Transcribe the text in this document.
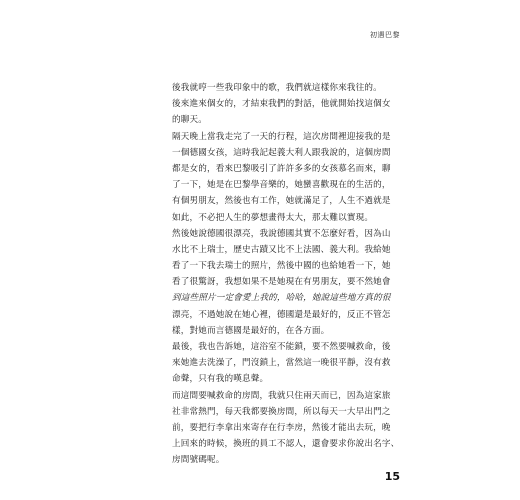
初遇巴黎
後我就哼一些我印象中的歌，我們就這樣你來我往的。
後來進來個女的，才結束我們的對話，他就開始找這個女
的聊天。
隔天晚上當我走完了一天的行程，這次房間裡迎接我的是
一個德國女孩，這時我記起義大利人跟我說的，這個房間
都是女的，看來巴黎吸引了許許多多的女孩慕名而來，聊
了一下，她是在巴黎學音樂的，她蠻喜歡現在的生活的，
有個男朋友，然後也有工作，她就滿足了，人生不過就是
如此，不必把人生的夢想畫得太大，那太難以實現。
然後她說德國很漂亮，我說德國其實不怎麼好看，因為山
水比不上瑞士，歷史古蹟又比不上法國、義大利。我給她
看了一下我去瑞士的照片，然後中國的也給她看一下，她
看了很驚訝，我想如果不是她現在有男朋友，要不然她會
到這些照片一定會愛上我的，哈哈，她說這些地方真的很
漂亮，不過她說在她心裡，德國還是最好的，反正不管怎
樣，對她而言德國是最好的，在各方面。
最後，我也告訴她，這浴室不能鎖，要不然要喊救命，後
來她進去洗澡了，門沒鎖上，當然這一晚很平靜，沒有救
命聲，只有我的嘆息聲。
而這間要喊救命的房間，我就只住兩天而已，因為這家旅
社非常熱門，每天我都要換房間，所以每天一大早出門之
前，要把行李拿出來寄存在行李房，然後才能出去玩，晚
上回來的時候，換班的員工不認人，還會要求你說出名字、
房間號碼呢。
15
